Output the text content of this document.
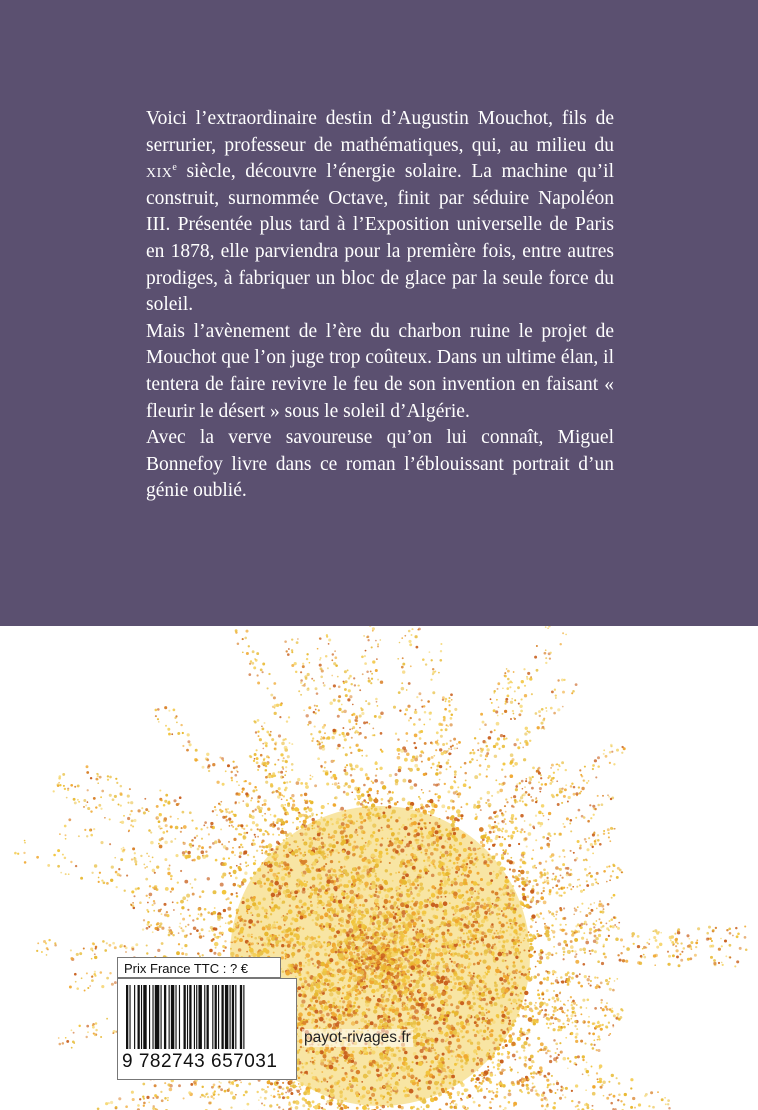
Voici l’extraordinaire destin d’Augustin Mouchot, fils de serrurier, professeur de mathématiques, qui, au milieu du xix$^e$ siècle, découvre l’énergie solaire. La machine qu’il construit, surnommée Octave, finit par séduire Napoléon III. Présentée plus tard à l’Exposition universelle de Paris en 1878, elle parviendra pour la première fois, entre autres prodiges, à fabriquer un bloc de glace par la seule force du soleil.

Mais l’avènement de l’ère du charbon ruine le projet de Mouchot que l’on juge trop coûteux. Dans un ultime élan, il tentera de faire revivre le feu de son invention en faisant « fleurir le désert » sous le soleil d’Algérie.

Avec la verve savoureuse qu’on lui connaît, Miguel Bonnefoy livre dans ce roman l’éblouissant portrait d’un génie oublié.

Prix France TTC : ? €
9 782743 657031
payot-rivages.fr
